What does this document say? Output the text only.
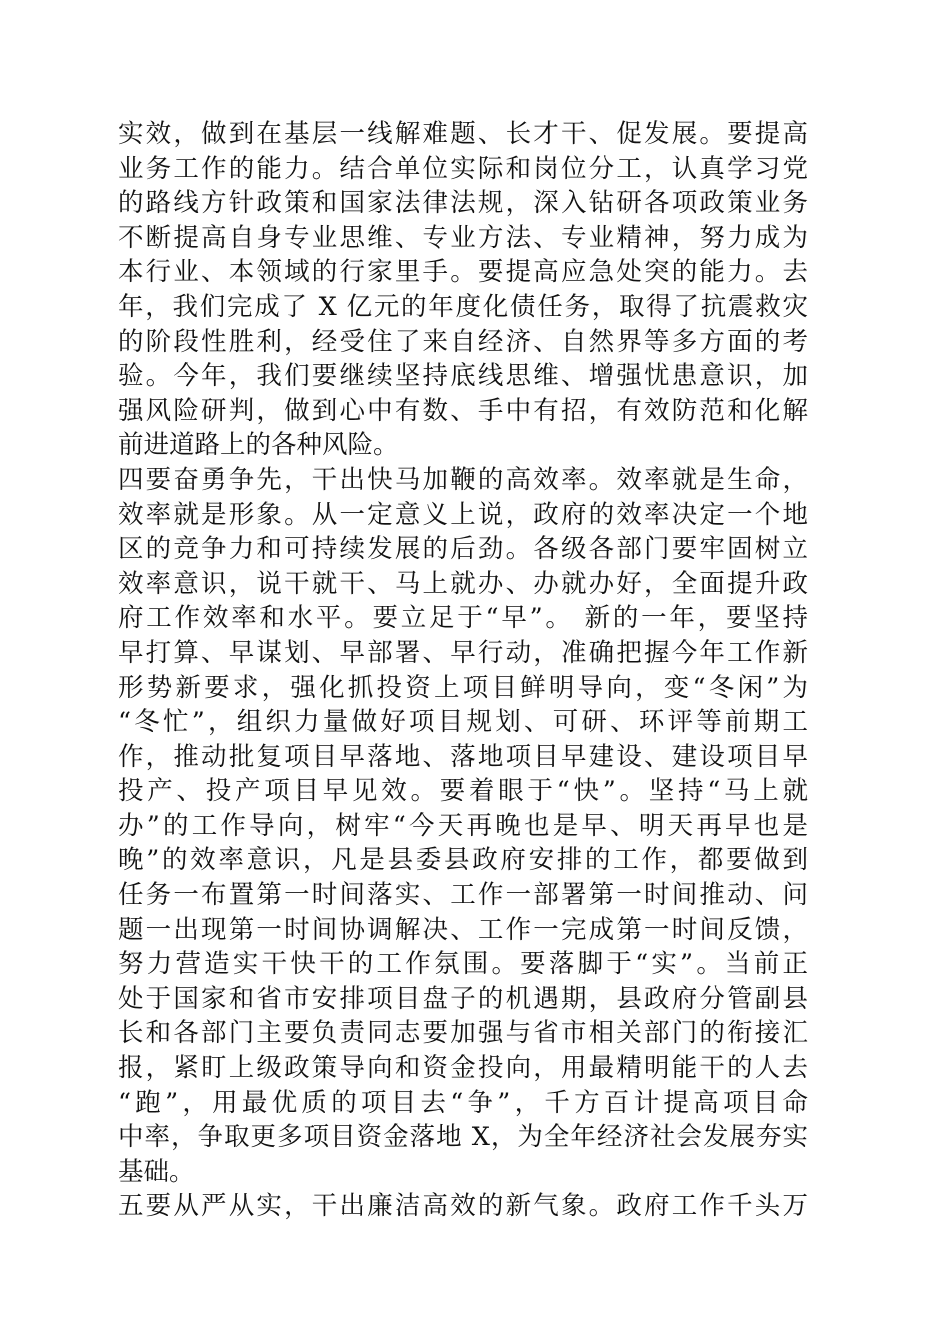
实效，做到在基层一线解难题、长才干、促发展。要提高
业务工作的能力。结合单位实际和岗位分工，认真学习党
的路线方针政策和国家法律法规，深入钻研各项政策业务
不断提高自身专业思维、专业方法、专业精神，努力成为
本行业、本领域的行家里手。要提高应急处突的能力。去
年，我们完成了 X 亿元的年度化债任务，取得了抗震救灾
的阶段性胜利，经受住了来自经济、自然界等多方面的考
验。今年，我们要继续坚持底线思维、增强忧患意识，加
强风险研判，做到心中有数、手中有招，有效防范和化解
前进道路上的各种风险。
四要奋勇争先，干出快马加鞭的高效率。效率就是生命，
效率就是形象。从一定意义上说，政府的效率决定一个地
区的竞争力和可持续发展的后劲。各级各部门要牢固树立
效率意识，说干就干、马上就办、办就办好，全面提升政
府工作效率和水平。要立足于“早”。 新的一年，要坚持
早打算、早谋划、早部署、早行动，准确把握今年工作新
形势新要求，强化抓投资上项目鲜明导向，变“冬闲”为
“冬忙”，组织力量做好项目规划、可研、环评等前期工
作，推动批复项目早落地、落地项目早建设、建设项目早
投产、投产项目早见效。要着眼于“快”。坚持“马上就
办”的工作导向，树牢“今天再晚也是早、明天再早也是
晚”的效率意识，凡是县委县政府安排的工作，都要做到
任务一布置第一时间落实、工作一部署第一时间推动、问
题一出现第一时间协调解决、工作一完成第一时间反馈，
努力营造实干快干的工作氛围。要落脚于“实”。当前正
处于国家和省市安排项目盘子的机遇期，县政府分管副县
长和各部门主要负责同志要加强与省市相关部门的衔接汇
报，紧盯上级政策导向和资金投向，用最精明能干的人去
“跑”，用最优质的项目去“争”，千方百计提高项目命
中率，争取更多项目资金落地 X，为全年经济社会发展夯实
基础。
五要从严从实，干出廉洁高效的新气象。政府工作千头万
